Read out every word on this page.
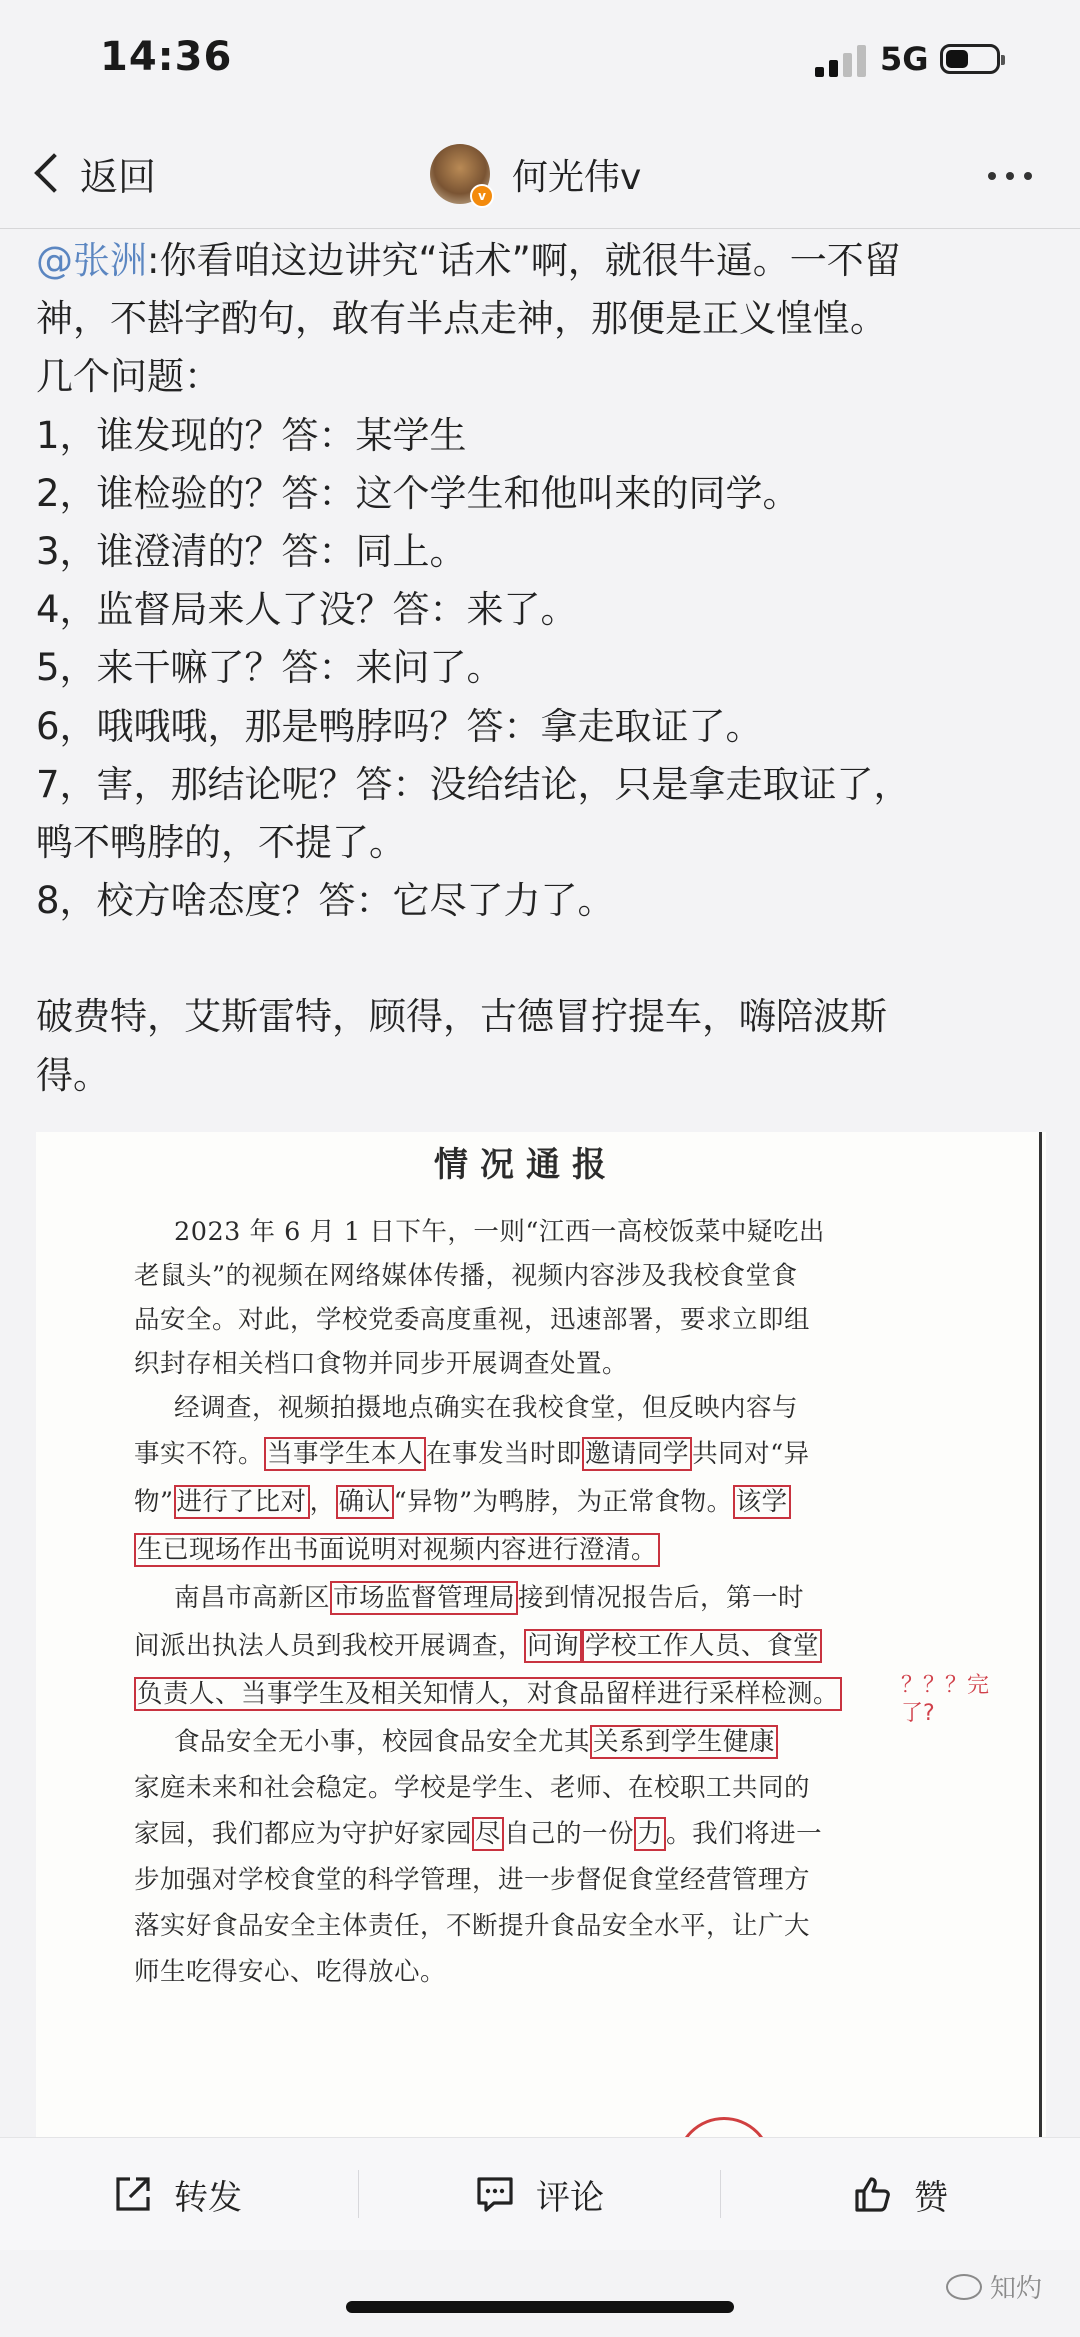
14:36	5G
返回	v 何光伟ⅴ

@张洲:你看咱这边讲究“话术”啊，就很牛逼。一不留

神，不斟字酌句，敢有半点走神，那便是正义惶惶。

几个问题：

1，谁发现的？答：某学生

2，谁检验的？答：这个学生和他叫来的同学。

3，谁澄清的？答：同上。

4，监督局来人了没？答：来了。

5，来干嘛了？答：来问了。

6，哦哦哦，那是鸭脖吗？答：拿走取证了。

7，害，那结论呢？答：没给结论，只是拿走取证了，

鸭不鸭脖的，不提了。

8，校方啥态度？答：它尽了力了。

破费特，艾斯雷特，顾得，古德冒拧提车，嗨陪波斯

得。

情况通报
2023 年 6 月 1 日下午，一则“江西一高校饭菜中疑吃出
老鼠头”的视频在网络媒体传播，视频内容涉及我校食堂食
品安全。对此，学校党委高度重视，迅速部署，要求立即组
织封存相关档口食物并同步开展调查处置。
经调查，视频拍摄地点确实在我校食堂，但反映内容与
事实不符。 当事学生本人 在事发当时即 邀请同学 共同对“异
物” 进行了比对 ， 确认 “异物”为鸭脖，为正常食物。 该学
生已现场作出书面说明对视频内容进行澄清。
南昌市高新区 市场监督管理局 接到情况报告后，第一时
间派出执法人员到我校开展调查， 问询 学校工作人员、食堂
负责人、当事学生及相关知情人，对食品留样进行采样检测。	？？？完
了?
食品安全无小事，校园食品安全尤其 关系到学生健康
家庭未来和社会稳定。学校是学生、老师、在校职工共同的
家园，我们都应为守护好家园 尽 自己的一份 力 。我们将进一
步加强对学校食堂的科学管理，进一步督促食堂经营管理方
落实好食品安全主体责任，不断提升食品安全水平，让广大
师生吃得安心、吃得放心。
转发	评论	赞
知灼
